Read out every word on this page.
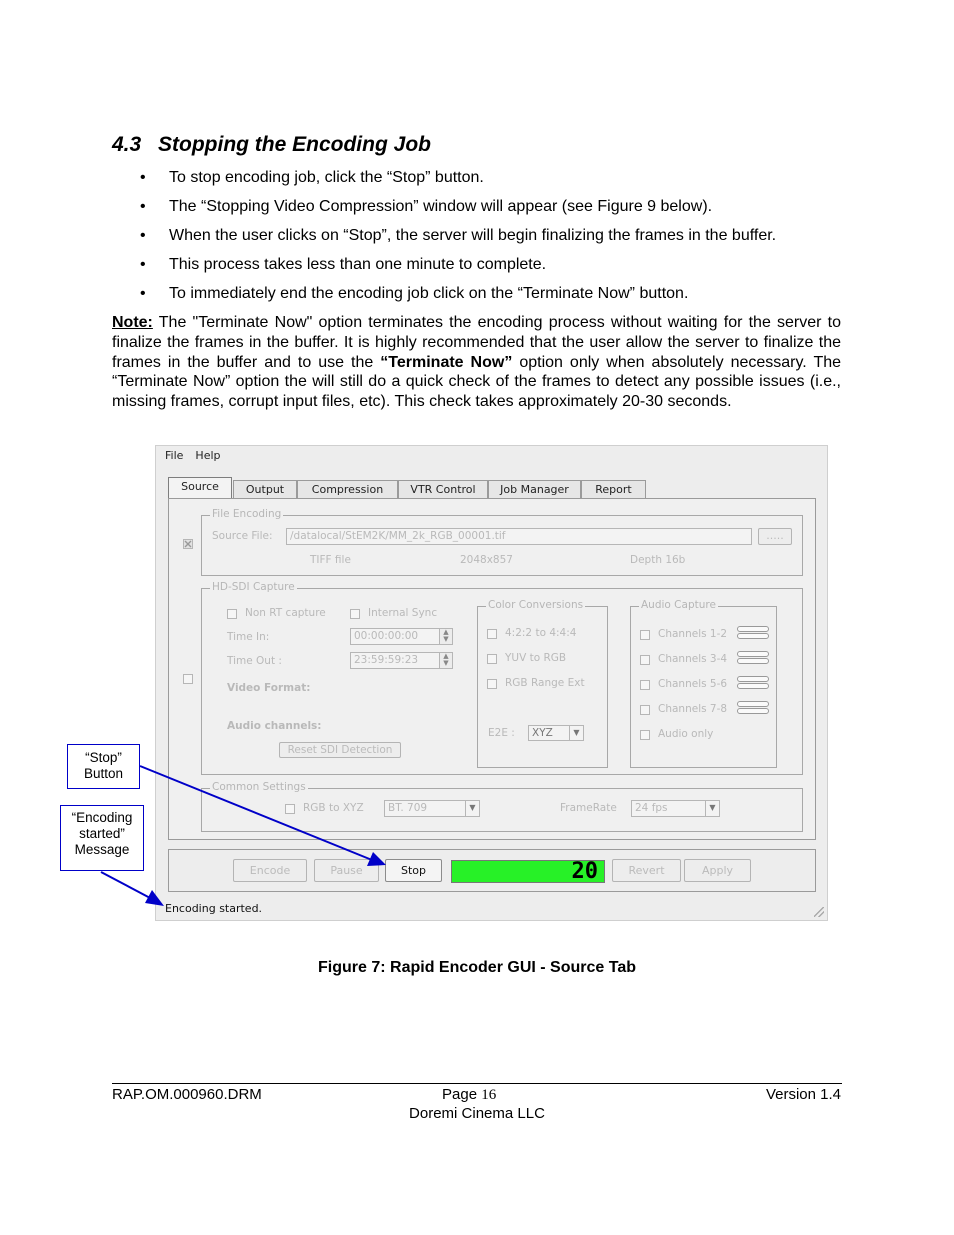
4.3 Stopping the Encoding Job
• To stop encoding job, click the “Stop” button.
• The “Stopping Video Compression” window will appear (see Figure 9 below).
• When the user clicks on “Stop”, the server will begin finalizing the frames in the buffer.
• This process takes less than one minute to complete.
• To immediately end the encoding job click on the “Terminate Now” button.

Note: The "Terminate Now" option terminates the encoding process without waiting for the server to finalize the frames in the buffer. It is highly recommended that the user allow the server to finalize the frames in the buffer and to use the “Terminate Now” option only when absolutely necessary. The “Terminate Now” option the will still do a quick check of the frames to detect any possible issues (i.e., missing frames, corrupt input files, etc). This check takes approximately 20-30 seconds.

File Help
Source	Output	Compression	VTR Control	Job Manager	Report
File Encoding
Source File:	/datalocal/StEM2K/MM_2k_RGB_00001.tif	.....
TIFF file	2048x857	Depth 16b
HD-SDI Capture
Non RT capture	Internal Sync
Time In:	00:00:00:00	▲
▼
Time Out :	23:59:59:23	▲
▼
Video Format:
Audio channels:
Reset SDI Detection
Color Conversions
4:2:2 to 4:4:4
YUV to RGB
RGB Range Ext
E2E :	XYZ	▼
Audio Capture
Channels 1-2
Channels 3-4
Channels 5-6
Channels 7-8
Audio only
Common Settings
RGB to XYZ	BT. 709	▼	FrameRate	24 fps	▼
Encode	Pause	Stop	20	Revert	Apply
Encoding started.
“Stop” Button
“Encoding started” Message

Figure 7: Rapid Encoder GUI - Source Tab

RAP.OM.000960.DRM	Page 16	Version 1.4
Doremi Cinema LLC
